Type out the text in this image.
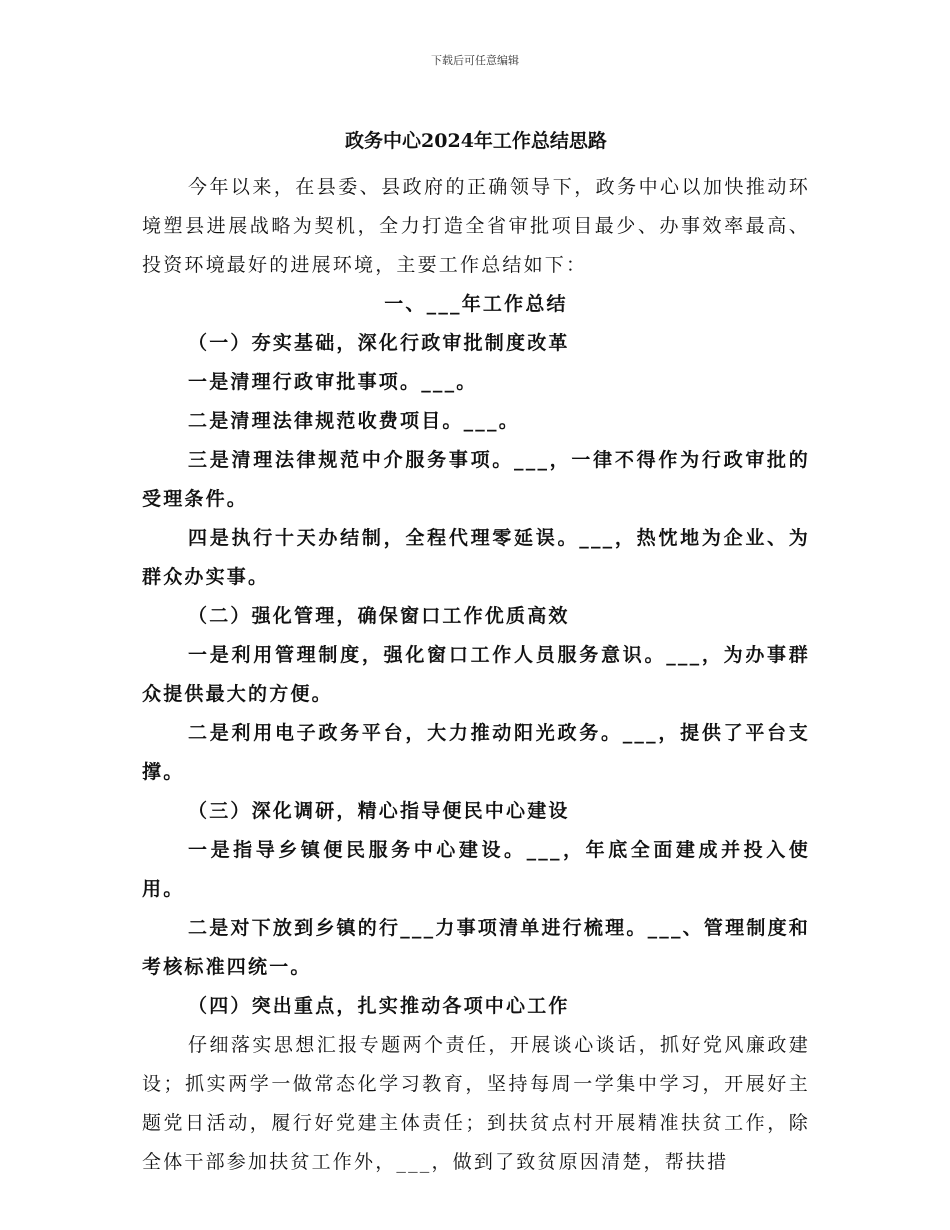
下载后可任意编辑
政务中心2024年工作总结思路

今年以来，在县委、县政府的正确领导下，政务中心以加快推动环境塑县进展战略为契机，全力打造全省审批项目最少、办事效率最高、投资环境最好的进展环境，主要工作总结如下：

一、___年工作总结

（一）夯实基础，深化行政审批制度改革

一是清理行政审批事项。___。

二是清理法律规范收费项目。___。

三是清理法律规范中介服务事项。___，一律不得作为行政审批的受理条件。

四是执行十天办结制，全程代理零延误。___，热忱地为企业、为群众办实事。

（二）强化管理，确保窗口工作优质高效

一是利用管理制度，强化窗口工作人员服务意识。___，为办事群众提供最大的方便。

二是利用电子政务平台，大力推动阳光政务。___，提供了平台支撑。

（三）深化调研，精心指导便民中心建设

一是指导乡镇便民服务中心建设。___，年底全面建成并投入使用。

二是对下放到乡镇的行___力事项清单进行梳理。___、管理制度和考核标准四统一。

（四）突出重点，扎实推动各项中心工作

仔细落实思想汇报专题两个责任，开展谈心谈话，抓好党风廉政建设；抓实两学一做常态化学习教育，坚持每周一学集中学习，开展好主题党日活动，履行好党建主体责任；到扶贫点村开展精准扶贫工作，除全体干部参加扶贫工作外，___，做到了致贫原因清楚，帮扶措
